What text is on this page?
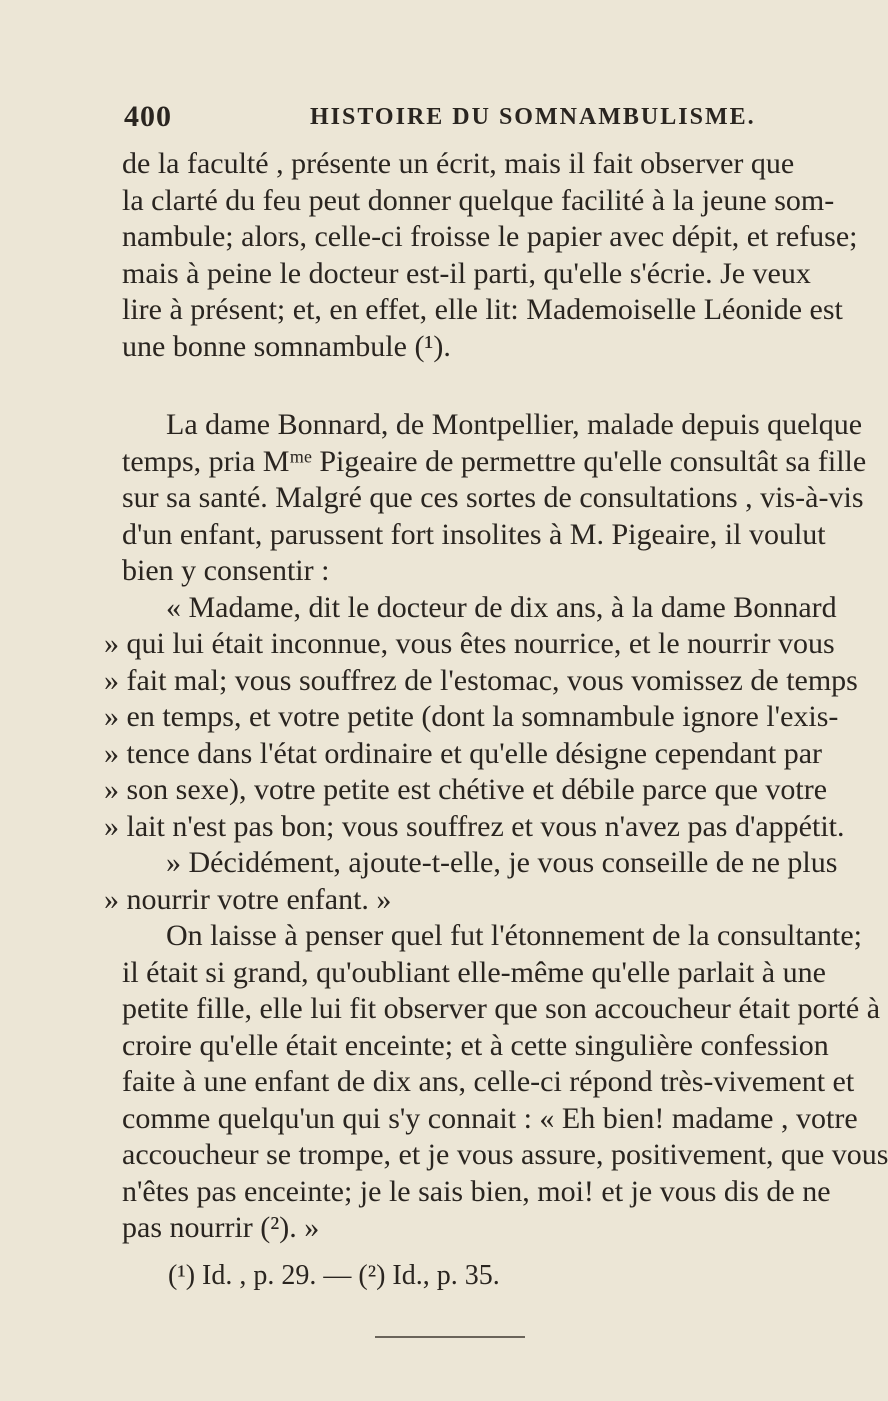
400	HISTOIRE DU SOMNAMBULISME.
de la faculté , présente un écrit, mais il fait observer que
la clarté du feu peut donner quelque facilité à la jeune som-
nambule; alors, celle-ci froisse le papier avec dépit, et refuse;
mais à peine le docteur est-il parti, qu'elle s'écrie. Je veux
lire à présent; et, en effet, elle lit: Mademoiselle Léonide est
une bonne somnambule (¹).
La dame Bonnard, de Montpellier, malade depuis quelque
temps, pria Mᵐᵉ Pigeaire de permettre qu'elle consultât sa fille
sur sa santé. Malgré que ces sortes de consultations , vis-à-vis
d'un enfant, parussent fort insolites à M. Pigeaire, il voulut
bien y consentir :
« Madame, dit le docteur de dix ans, à la dame Bonnard
» qui lui était inconnue, vous êtes nourrice, et le nourrir vous
» fait mal; vous souffrez de l'estomac, vous vomissez de temps
» en temps, et votre petite (dont la somnambule ignore l'exis-
» tence dans l'état ordinaire et qu'elle désigne cependant par
» son sexe), votre petite est chétive et débile parce que votre
» lait n'est pas bon; vous souffrez et vous n'avez pas d'appétit.
» Décidément, ajoute-t-elle, je vous conseille de ne plus
» nourrir votre enfant. »
On laisse à penser quel fut l'étonnement de la consultante;
il était si grand, qu'oubliant elle-même qu'elle parlait à une
petite fille, elle lui fit observer que son accoucheur était porté à
croire qu'elle était enceinte; et à cette singulière confession
faite à une enfant de dix ans, celle-ci répond très-vivement et
comme quelqu'un qui s'y connait : « Eh bien! madame , votre
accoucheur se trompe, et je vous assure, positivement, que vous
n'êtes pas enceinte; je le sais bien, moi! et je vous dis de ne
pas nourrir (²). »
(¹) Id. , p. 29. — (²) Id., p. 35.
